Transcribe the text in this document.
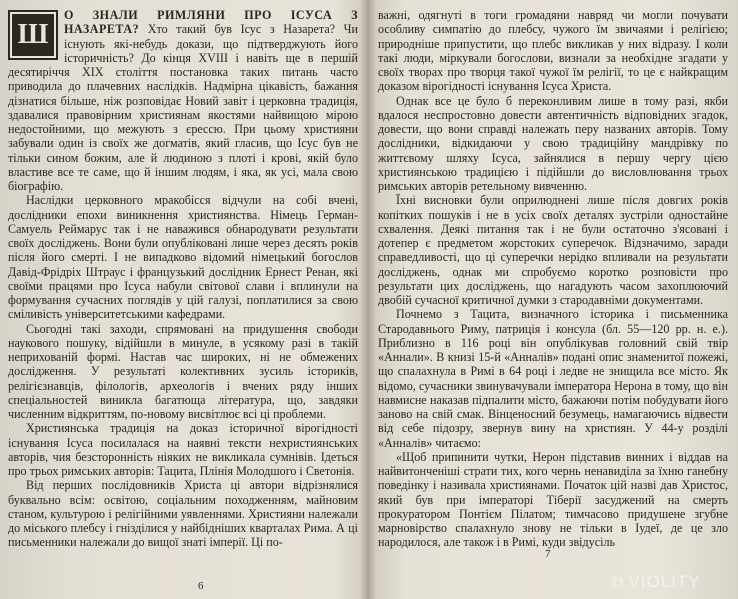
Ш
О ЗНАЛИ РИМЛЯНИ ПРО ІСУСА З НАЗАРЕТА? Хто такий був Ісус з Назарета? Чи існують які-небудь докази, що підтверджують його історичність? До кінця XVIII і навіть ще в першій десятиріччя XIX століття постановка таких питань часто приводила до плачевних наслідків. Надмірна цікавість, бажання дізнатися більше, ніж розповідає Новий завіт і церковна традиція, здавалися правовірним християнам якостями найвищою мірою недостойними, що межують з єрессю. При цьому християни забували один із своїх же догматів, який гласив, що Ісус був не тільки сином божим, але й людиною з плоті і крові, якій було властиве все те саме, що й іншим людям, і яка, як усі, мала свою біографію.

Наслідки церковного мракобісся відчули на собі вчені, дослідники епохи виникнення християнства. Німець Герман-Самуель Реймарус так і не наважився обнародувати результати своїх досліджень. Вони були опубліковані лише через десять років після його смерті. І не випадково відомий німецький богослов Давід-Фрідріх Штраус і французький дослідник Ернест Ренан, які своїми працями про Ісуса набули світової слави і вплинули на формування сучасних поглядів у цій галузі, поплатилися за свою сміливість університетськими кафедрами.

Сьогодні такі заходи, спрямовані на придушення свободи наукового пошуку, відійшли в минуле, в усякому разі в такій неприхованій формі. Настав час широких, ні не обмежених дослідження. У результаті колективних зусиль істориків, релігієзнавців, філологів, археологів і вчених ряду інших спеціальностей виникла багатющa література, що, завдяки численним відкриттям, по-новому висвітлює всі ці проблеми.

Християнська традиція на доказ історичної вірогідності існування Ісуса посилалася на наявні тексти нехристиянських авторів, чия безсторонність ніяких не викликала сумнівів. Ідеться про трьох римських авторів: Тацита, Плінія Молодшого і Светонія.

Від перших послідовників Христа ці автори відрізнялися буквально всім: освітою, соціальним походженням, майновим станом, культурою і релігійними уявленнями. Християни належали до міського плебсу і гнізділися у найбідніших кварталах Рима. А ці письменники належали до вищої знаті імперії. Ці по-

6

важні, одягнуті в тоги громадяни навряд чи могли почувати особливу симпатію до плебсу, чужого їм звичаями і релігією; природніше припустити, що плебс викликав у них відразу. І коли такі люди, міркували богослови, визнали за необхідне згадати у своїх творах про творця такої чужої їм релігії, то це є найкращим доказом вірогідності існування Ісуса Христа.

Однак все це було б переконливим лише в тому разі, якби вдалося неспростовно довести автентичність відповідних згадок, довести, що вони справді належать перу названих авторів. Тому дослідники, відкидаючи у свою традиційну мандрівку по життєвому шляху Ісуса, зайнялися в першу чергу цією християнською традицією і підійшли до висловлювання трьох римських авторів ретельному вивченню.

Їхні висновки були оприлюднені лише після довгих років копітких пошуків і не в усіх своїх деталях зустріли одностайне схвалення. Деякі питання так і не були остаточно з'ясовані і дотепер є предметом жорстоких суперечок. Відзначимо, заради справедливості, що ці суперечки нерідко впливали на результати досліджень, однак ми спробуємо коротко розповісти про результати цих досліджень, що нагадують часом захоплюючий двобій сучасної критичної думки з стародавніми документами.

Почнемо з Тацита, визначного історика і письменника Стародавнього Риму, патриція і консула (бл. 55—120 рр. н. е.). Приблизно в 116 році він опублікував головний свій твір «Аннали». В книзі 15-й «Анналів» подані опис знаменитої пожежі, що спалахнула в Римі в 64 році і ледве не знищила все місто. Як відомо, сучасники звинувачували імператора Нерона в тому, що він навмисне наказав підпалити місто, бажаючи потім побудувати його заново на свій смак. Вінценосний безумець, намагаючись відвести від себе підозру, звернув вину на християн. У 44-у розділі «Анналів» читаємо:

«Щоб припинити чутки, Нерон підставив винних і віддав на найвитонченіші страти тих, кого чернь ненавиділа за їхню ганебну поведінку і називала християнами. Початок цій назві дав Христос, який був при імператорі Тіберії засуджений на смерть прокуратором Понтієм Пілатом; тимчасово придушене згубне марновірство спалахнуло знову не тільки в Іудеї, де це зло народилося, але також і в Римі, куди звідусіль

7
⧉ VIOLITY
